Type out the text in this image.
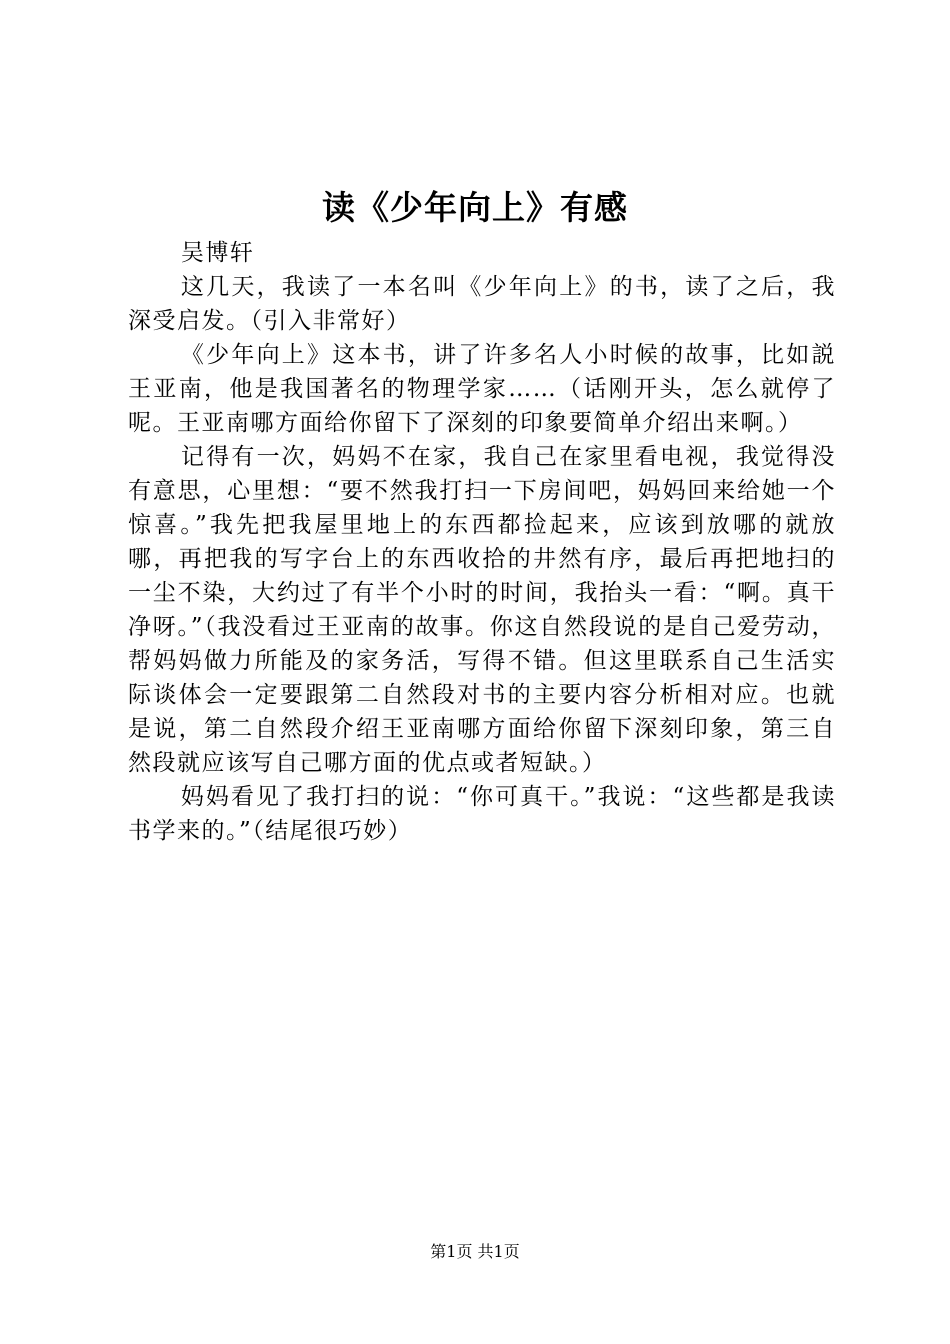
读《少年向上》有感

吴博轩

这几天，我读了一本名叫《少年向上》的书，读了之后，我深受启发。（引入非常好）

《少年向上》这本书，讲了许多名人小时候的故事，比如説王亚南，他是我国著名的物理学家……（话刚开头，怎么就停了呢。王亚南哪方面给你留下了深刻的印象要简单介绍出来啊。）

记得有一次，妈妈不在家，我自己在家里看电视，我觉得没有意思，心里想：“要不然我打扫一下房间吧，妈妈回来给她一个惊喜。”我先把我屋里地上的东西都捡起来，应该到放哪的就放哪，再把我的写字台上的东西收拾的井然有序，最后再把地扫的一尘不染，大约过了有半个小时的时间，我抬头一看：“啊。真干净呀。”（我没看过王亚南的故事。你这自然段说的是自己爱劳动，帮妈妈做力所能及的家务活，写得不错。但这里联系自己生活实际谈体会一定要跟第二自然段对书的主要内容分析相对应。也就是说，第二自然段介绍王亚南哪方面给你留下深刻印象，第三自然段就应该写自己哪方面的优点或者短缺。）

妈妈看见了我打扫的说：“你可真干。”我说：“这些都是我读书学来的。”（结尾很巧妙）

第1页 共1页
